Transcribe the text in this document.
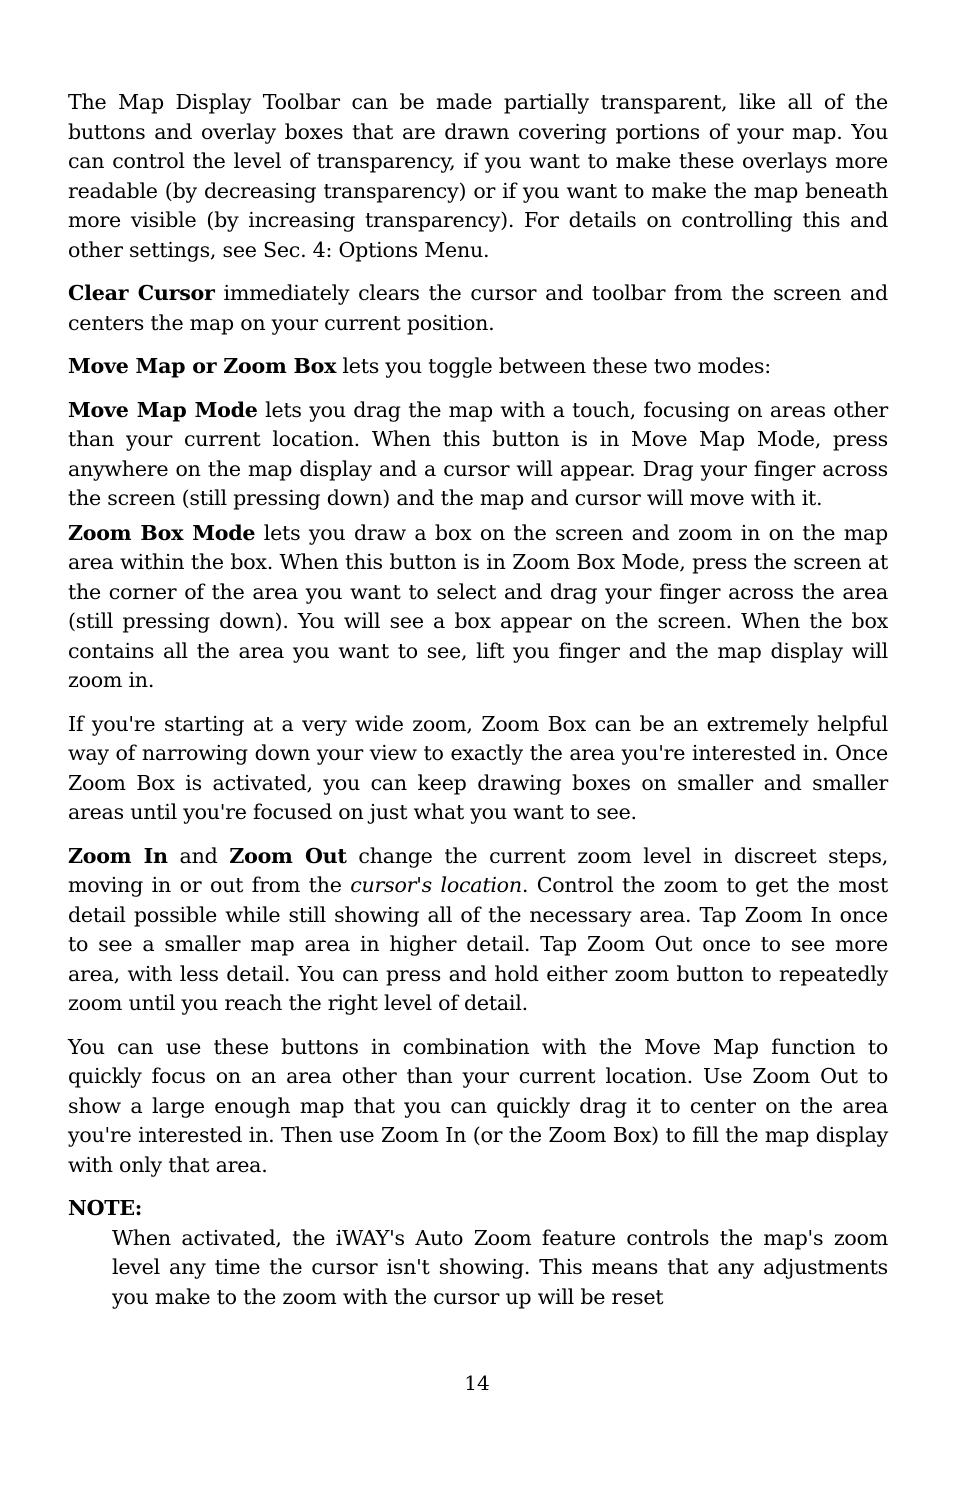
The Map Display Toolbar can be made partially transparent, like all of the buttons and overlay boxes that are drawn covering portions of your map. You can control the level of transparency, if you want to make these overlays more readable (by decreasing transparency) or if you want to make the map beneath more visible (by increasing transparency). For details on controlling this and other settings, see Sec. 4: Options Menu.

Clear Cursor immediately clears the cursor and toolbar from the screen and centers the map on your current position.

Move Map or Zoom Box lets you toggle between these two modes:

Move Map Mode lets you drag the map with a touch, focusing on areas other than your current location. When this button is in Move Map Mode, press anywhere on the map display and a cursor will appear. Drag your finger across the screen (still pressing down) and the map and cursor will move with it.

Zoom Box Mode lets you draw a box on the screen and zoom in on the map area within the box. When this button is in Zoom Box Mode, press the screen at the corner of the area you want to select and drag your finger across the area (still pressing down). You will see a box appear on the screen. When the box contains all the area you want to see, lift you finger and the map display will zoom in.

If you're starting at a very wide zoom, Zoom Box can be an extremely helpful way of narrowing down your view to exactly the area you're interested in. Once Zoom Box is activated, you can keep drawing boxes on smaller and smaller areas until you're focused on just what you want to see.

Zoom In and Zoom Out change the current zoom level in discreet steps, moving in or out from the cursor's location. Control the zoom to get the most detail possible while still showing all of the necessary area. Tap Zoom In once to see a smaller map area in higher detail. Tap Zoom Out once to see more area, with less detail. You can press and hold either zoom button to repeatedly zoom until you reach the right level of detail.

You can use these buttons in combination with the Move Map function to quickly focus on an area other than your current location. Use Zoom Out to show a large enough map that you can quickly drag it to center on the area you're interested in. Then use Zoom In (or the Zoom Box) to fill the map display with only that area.

NOTE:

When activated, the iWAY's Auto Zoom feature controls the map's zoom level any time the cursor isn't showing. This means that any adjustments you make to the zoom with the cursor up will be reset

14
